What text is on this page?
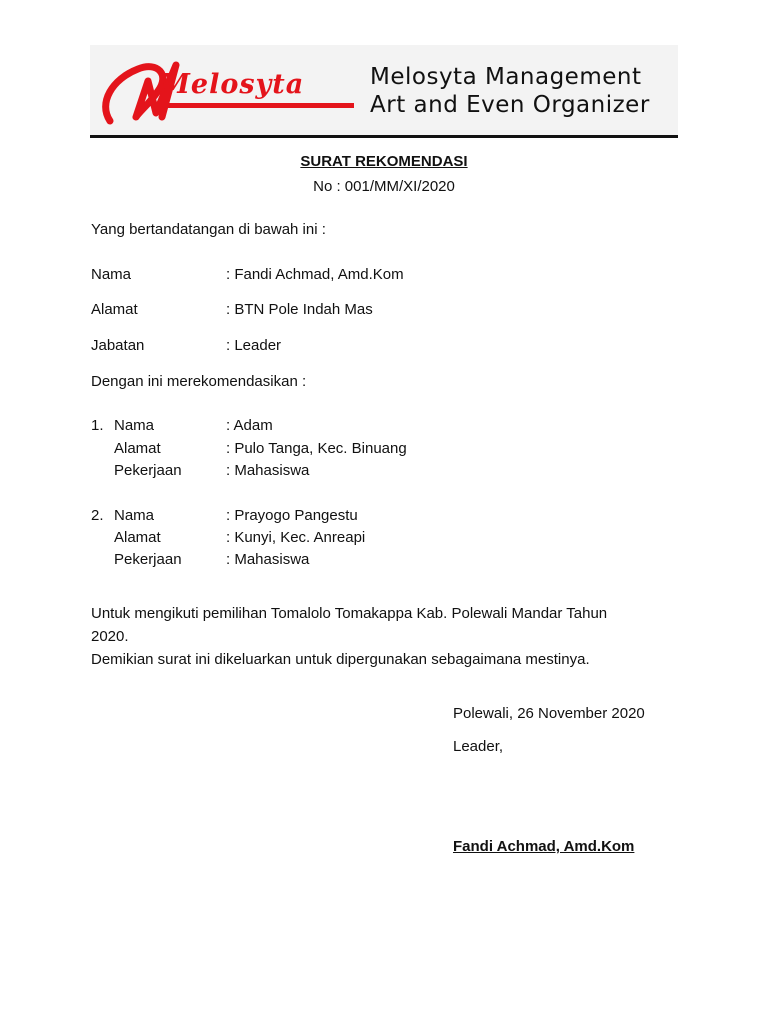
Melosyta	Melosyta Management
Art and Even Organizer
SURAT REKOMENDASI
No : 001/MM/XI/2020
Yang bertandatangan di bawah ini :
Nama	: Fandi Achmad, Amd.Kom
Alamat	: BTN Pole Indah Mas
Jabatan	: Leader
Dengan ini merekomendasikan :
1. Nama	: Adam
Alamat	: Pulo Tanga, Kec. Binuang
Pekerjaan	: Mahasiswa
2. Nama	: Prayogo Pangestu
Alamat	: Kunyi, Kec. Anreapi
Pekerjaan	: Mahasiswa
Untuk mengikuti pemilihan Tomalolo Tomakappa Kab. Polewali Mandar Tahun
2020.
Demikian surat ini dikeluarkan untuk dipergunakan sebagaimana mestinya.
Polewali, 26 November 2020
Leader,
Fandi Achmad, Amd.Kom
